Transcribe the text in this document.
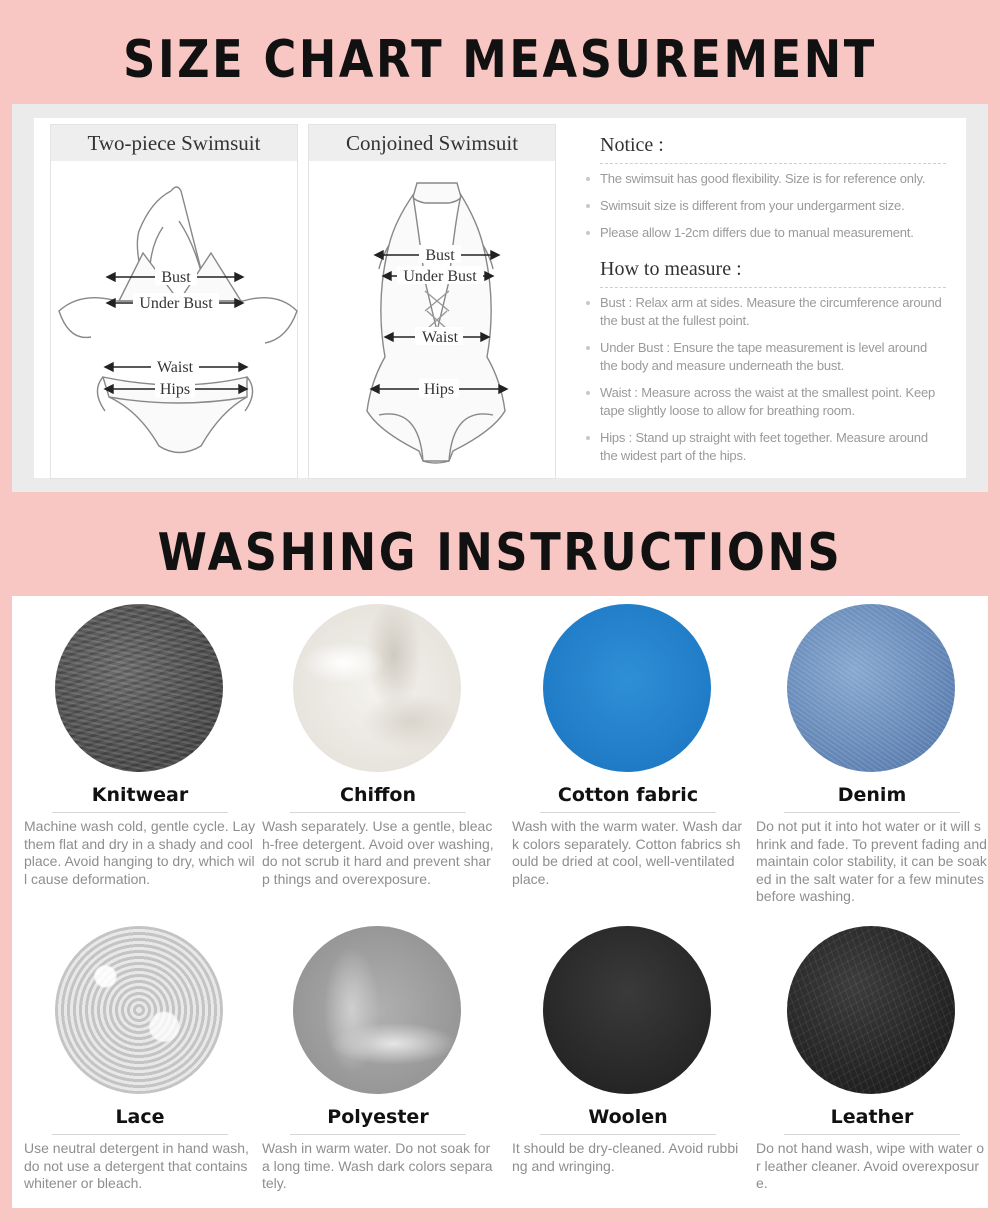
SIZE CHART MEASUREMENT
Two-piece Swimsuit
Bust
Under Bust
Waist
Hips
Conjoined Swimsuit
Bust
Under Bust
Waist
Hips
Notice :
The swimsuit has good flexibility. Size is for reference only.
Swimsuit size is different from your undergarment size.
Please allow 1-2cm differs due to manual measurement.
How to measure :
Bust : Relax arm at sides. Measure the circumference around the bust at the fullest point.
Under Bust : Ensure the tape measurement is level around the body and measure underneath the bust.
Waist : Measure across the waist at the smallest point. Keep tape slightly loose to allow for breathing room.
Hips : Stand up straight with feet together. Measure around the widest part of the hips.
WASHING INSTRUCTIONS
Knitwear
Machine wash cold, gentle cycle. Lay them flat and dry in a shady and cool place. Avoid hanging to dry, which will cause deformation.
Chiffon
Wash separately. Use a gentle, bleach-free detergent. Avoid over washing, do not scrub it hard and prevent sharp things and overexposure.
Cotton fabric
Wash with the warm water. Wash dark colors separately. Cotton fabrics should be dried at cool, well-ventilated place.
Denim
Do not put it into hot water or it will shrink and fade. To prevent fading and maintain color stability, it can be soaked in the salt water for a few minutes before washing.
Lace
Use neutral detergent in hand wash, do not use a detergent that contains whitener or bleach.
Polyester
Wash in warm water. Do not soak for a long time. Wash dark colors separately.
Woolen
It should be dry-cleaned. Avoid rubbing and wringing.
Leather
Do not hand wash, wipe with water or leather cleaner. Avoid overexposure.
